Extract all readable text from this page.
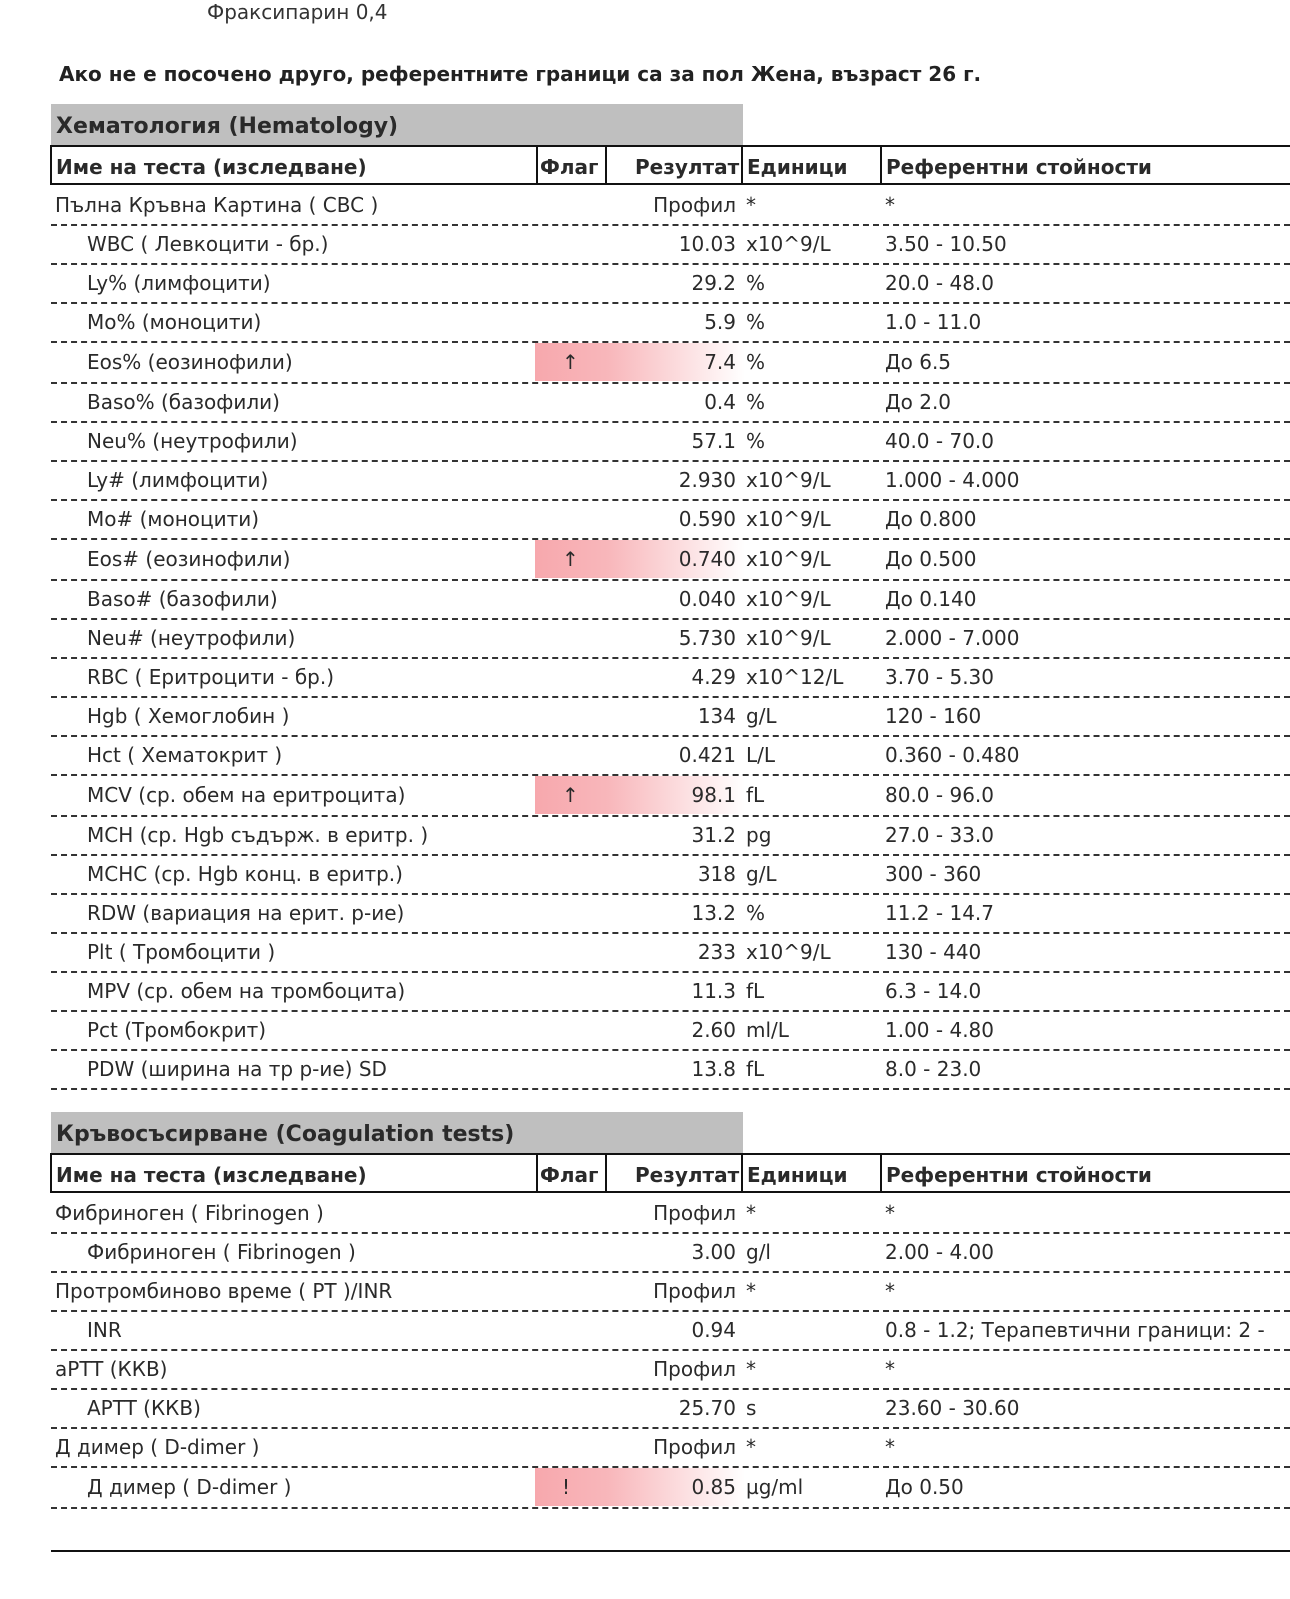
Фраксипарин 0,4
Ако не е посочено друго, референтните граници са за пол Жена, възраст 26 г.
Хематология (Hematology)
Име на теста (изследване)	Флаг Резултат Единици Референтни стойности
Пълна Кръвна Картина ( CBC )	Профил *	*
WBC ( Левкоцити - бр.)	10.03 x10^9/L	3.50 - 10.50
Ly% (лимфоцити)	29.2 %	20.0 - 48.0
Mo% (моноцити)	5.9 %	1.0 - 11.0
Eos% (еозинофили)	↑	7.4 %	До 6.5
Baso% (базофили)	0.4 %	До 2.0
Neu% (неутрофили)	57.1 %	40.0 - 70.0
Ly# (лимфоцити)	2.930 x10^9/L	1.000 - 4.000
Mo# (моноцити)	0.590 x10^9/L	До 0.800
Eos# (еозинофили)	↑	0.740 x10^9/L	До 0.500
Baso# (базофили)	0.040 x10^9/L	До 0.140
Neu# (неутрофили)	5.730 x10^9/L	2.000 - 7.000
RBC ( Еритроцити - бр.)	4.29 x10^12/L 3.70 - 5.30
Hgb ( Хемоглобин )	134 g/L	120 - 160
Hct ( Хематокрит )	0.421 L/L	0.360 - 0.480
MCV (ср. обем на еритроцита)	↑	98.1 fL	80.0 - 96.0
MCH (ср. Hgb съдърж. в еритр. )	31.2 pg	27.0 - 33.0
MCHC (ср. Hgb конц. в еритр.)	318 g/L	300 - 360
RDW (вариация на ерит. р-ие)	13.2 %	11.2 - 14.7
Plt ( Тромбоцити )	233 x10^9/L	130 - 440
MPV (ср. обем на тромбоцита)	11.3 fL	6.3 - 14.0
Pct (Тромбокрит)	2.60 ml/L	1.00 - 4.80
PDW (ширина на тр р-ие) SD	13.8 fL	8.0 - 23.0
Кръвосъсирване (Coagulation tests)
Име на теста (изследване)	Флаг Резултат Единици Референтни стойности
Фибриноген ( Fibrinogen )	Профил *	*
Фибриноген ( Fibrinogen )	3.00 g/l	2.00 - 4.00
Протромбиново време ( PT )/INR	Профил *	*
INR	0.94	0.8 - 1.2; Терапевтични граници: 2 -
aPTT (ККВ)	Профил *	*
APTT (ККВ)	25.70 s	23.60 - 30.60
Д димер ( D-dimer )	Профил *	*
Д димер ( D-dimer )	!	0.85 µg/ml	До 0.50
